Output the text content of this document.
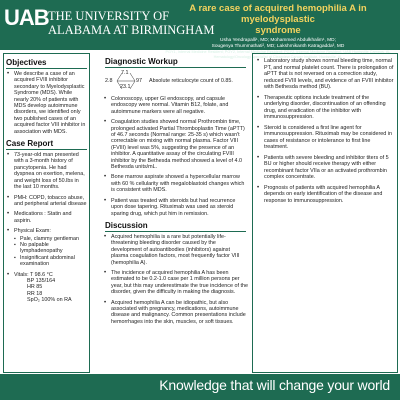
UAB THE UNIVERSITY OF
ALABAMA AT BIRMINGHAM
A rare case of acquired hemophilia A in myelodysplastic
syndrome
Usha Yendrapalli¹, MD; Mohammed Abdulkhalim¹, MD;
Sougenya Thummathati², MD; Lakshmikanth Katragadda³, MD
PGY1, Internal Medicine Resident; PGY2, Internal Medicine Resident; PGY2, Internal Medicine Resident, UAB Huntsville Campus, AL
Hematology/Oncology specialist at Clearview Cancer Institute, Huntsville, AL
Objectives
• We describe a case of an acquired FVIII inhibitor secondary to Myelodysplastic Syndrome (MDS). While nearly 20% of patients with MDS develop autoimmune disorders, we identified only two published cases of an acquired factor VIII inhibitor in association with MDS.
Case Report
• 73-year-old man presented with a 3-month history of pancytopenia. He had dyspnea on exertion, melena, and weight loss of 50.lbs in the last 10 months.
• PMH: COPD, tobacco abuse, and peripheral arterial disease
• Medications : Statin and aspirin.
• Physical Exam:
▪ Pale, clammy gentleman
▪ No palpable lymphadenopathy
▪ Insignificant abdominal examination
• Vitals: T 98.6 °C
BP 135/164
HR 85
RR 18
SpO₂ 100% on RA
Diagnostic Workup
2.8
7.1
23.1
97 Absolute reticulocyte count of 0.85.
• Colonoscopy, upper GI endoscopy, and capsule endoscopy were normal. Vitamin B12, folate, and autoimmune markers were all negative.
• Coagulation studies showed normal Prothrombin time, prolonged activated Partial Thromboplastin Time (aPTT) of 46.7 seconds (Normal range: 25-35 s) which wasn't correctable on mixing with normal plasma. Factor VIII (FVIII) level was 5%, suggesting the presence of an inhibitor. A quantitative assay of the circulating FVIII inhibitor by the Bethesda method showed a level of 4.0 Bethesda units/mL.
• Bone marrow aspirate showed a hypercellular marrow with 60 % cellularity with megaloblastoid changes which is consistent with MDS.
• Patient was treated with steroids but had recurrence upon dose tapering. Rituximab was used as steroid sparing drug, which put him in remission.
Discussion
• Acquired hemophilia is a rare but potentially life-threatening bleeding disorder caused by the development of autoantibodies (inhibitors) against plasma coagulation factors, most frequently factor VIII (hemophilia A).
• The incidence of acquired hemophilia A has been estimated to be 0.2-1.0 case per 1 million persons per year, but this may underestimate the true incidence of the disorder, given the difficulty in making the diagnosis.
• Acquired hemophilia A can be idiopathic, but also associated with pregnancy, medications, autoimmune disease and malignancy. Common presentations include hemorrhages into the skin, muscles, or soft tissues.
• Laboratory study shows normal bleeding time, normal PT, and normal platelet count. There is prolongation of aPTT that is not reversed on a correction study, reduced FVIII levels, and evidence of an FVIII inhibitor with Bethesda method (BU).
• Therapeutic options include treatment of the underlying disorder, discontinuation of an offending drug, and eradication of the inhibitor with immunosuppression.
• Steroid is considered a first line agent for immunosuppression. Rituximab may be considered in cases of resistance or intolerance to first line treatment.
• Patients with severe bleeding and inhibitor titers of 5 BU or higher should receive therapy with either recombinant factor VIIa or an activated prothrombin complex concentrate.
• Prognosis of patients with acquired hemophilia A depends on early identification of the disease and response to immunosuppression.
Knowledge that will change your world
